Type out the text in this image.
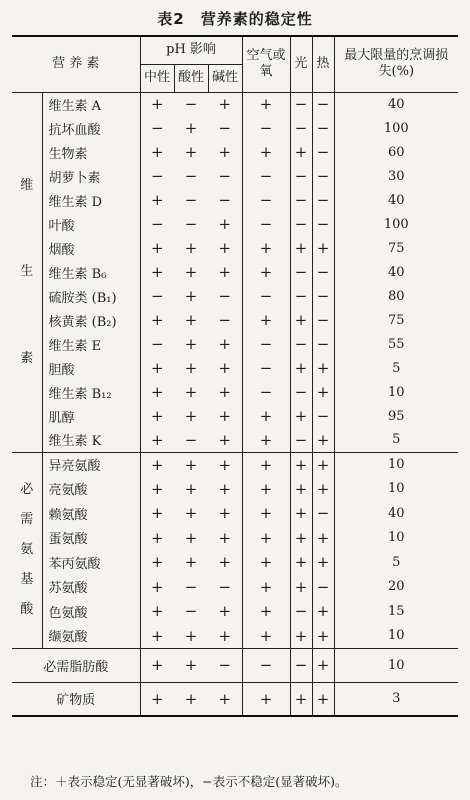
表2　营养素的稳定性
营 养 素		pH 影响			空气或氧	光	热	最大限量的烹调损失(%)
		中性	酸性	碱性				

维
生
素	维生素 A	+	−	+	+	−	−	40
	抗坏血酸	−	+	−	−	−	−	100
	生物素	+	+	+	+	+	−	60
	胡萝卜素	−	−	−	−	−	−	30
	维生素 D	+	−	−	−	−	−	40
	叶酸	−	−	+	−	−	−	100
	烟酸	+	+	+	+	+	+	75
	维生素 B₆	+	+	+	+	−	−	40
	硫胺类 (B₁)	−	+	−	−	−	−	80
	核黄素 (B₂)	+	+	−	+	+	−	75
	维生素 E	−	+	+	−	−	−	55
	胆酸	+	+	+	−	+	+	5
	维生素 B₁₂	+	+	+	−	−	+	10
	肌醇	+	+	+	+	+	−	95
	维生素 K	+	−	+	+	−	+	5

必
需
氨
基
酸	异亮氨酸	+	+	+	+	+	+	10
	亮氨酸	+	+	+	+	+	+	10
	赖氨酸	+	+	+	+	+	−	40
	蛋氨酸	+	+	+	+	+	+	10
	苯丙氨酸	+	+	+	+	+	+	5
	苏氨酸	+	−	−	+	+	−	20
	色氨酸	+	−	+	+	−	+	15
	缬氨酸	+	+	+	+	+	+	10
必需脂肪酸		+	+	−	−	−	+	10
矿物质		+	+	+	+	+	+	3
注：＋表示稳定(无显著破坏)，−表示不稳定(显著破坏)。
